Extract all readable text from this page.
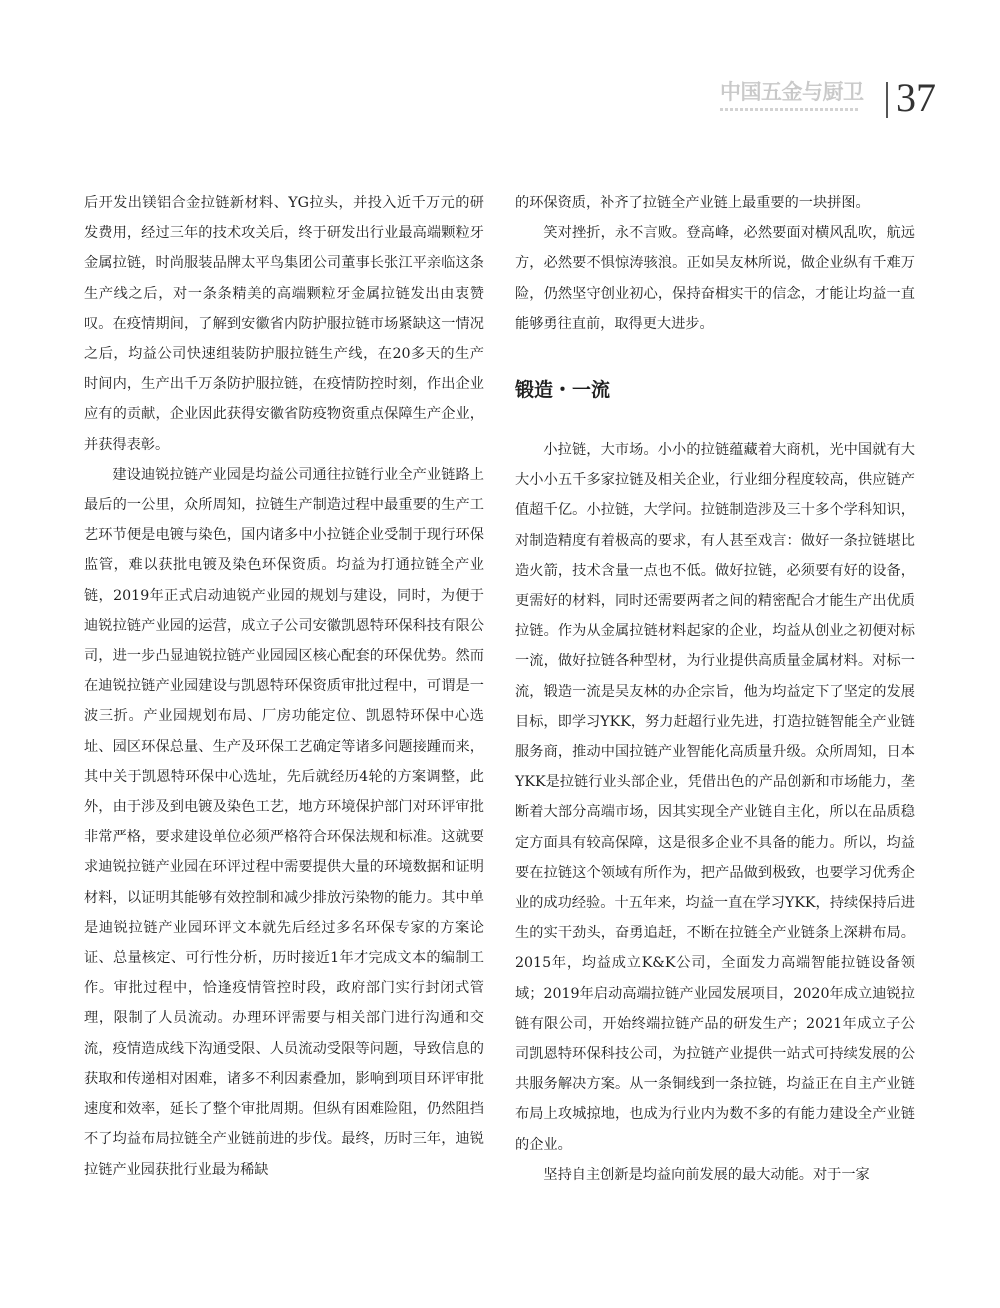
中国五金与厨卫 37

后开发出镁铝合金拉链新材料、YG拉头，并投入近千万元的研发费用，经过三年的技术攻关后，终于研发出行业最高端颗粒牙金属拉链，时尚服装品牌太平鸟集团公司董事长张江平亲临这条生产线之后，对一条条精美的高端颗粒牙金属拉链发出由衷赞叹。在疫情期间，了解到安徽省内防护服拉链市场紧缺这一情况之后，均益公司快速组装防护服拉链生产线，在20多天的生产时间内，生产出千万条防护服拉链，在疫情防控时刻，作出企业应有的贡献，企业因此获得安徽省防疫物资重点保障生产企业，并获得表彰。

建设迪锐拉链产业园是均益公司通往拉链行业全产业链路上最后的一公里，众所周知，拉链生产制造过程中最重要的生产工艺环节便是电镀与染色，国内诸多中小拉链企业受制于现行环保监管，难以获批电镀及染色环保资质。均益为打通拉链全产业链，2019年正式启动迪锐产业园的规划与建设，同时，为便于迪锐拉链产业园的运营，成立子公司安徽凯恩特环保科技有限公司，进一步凸显迪锐拉链产业园园区核心配套的环保优势。然而在迪锐拉链产业园建设与凯恩特环保资质审批过程中，可谓是一波三折。产业园规划布局、厂房功能定位、凯恩特环保中心选址、园区环保总量、生产及环保工艺确定等诸多问题接踵而来，其中关于凯恩特环保中心选址，先后就经历4轮的方案调整，此外，由于涉及到电镀及染色工艺，地方环境保护部门对环评审批非常严格，要求建设单位必须严格符合环保法规和标准。这就要求迪锐拉链产业园在环评过程中需要提供大量的环境数据和证明材料，以证明其能够有效控制和减少排放污染物的能力。其中单是迪锐拉链产业园环评文本就先后经过多名环保专家的方案论证、总量核定、可行性分析，历时接近1年才完成文本的编制工作。审批过程中，恰逢疫情管控时段，政府部门实行封闭式管理，限制了人员流动。办理环评需要与相关部门进行沟通和交流，疫情造成线下沟通受限、人员流动受限等问题，导致信息的获取和传递相对困难，诸多不利因素叠加，影响到项目环评审批速度和效率，延长了整个审批周期。但纵有困难险阻，仍然阻挡不了均益布局拉链全产业链前进的步伐。最终，历时三年，迪锐拉链产业园获批行业最为稀缺

的环保资质，补齐了拉链全产业链上最重要的一块拼图。

笑对挫折，永不言败。登高峰，必然要面对横风乱吹，航远方，必然要不惧惊涛骇浪。正如吴友林所说，做企业纵有千难万险，仍然坚守创业初心，保持奋楫实干的信念，才能让均益一直能够勇往直前，取得更大进步。

锻造・一流

小拉链，大市场。小小的拉链蕴藏着大商机，光中国就有大大小小五千多家拉链及相关企业，行业细分程度较高，供应链产值超千亿。小拉链，大学问。拉链制造涉及三十多个学科知识，对制造精度有着极高的要求，有人甚至戏言：做好一条拉链堪比造火箭，技术含量一点也不低。做好拉链，必须要有好的设备，更需好的材料，同时还需要两者之间的精密配合才能生产出优质拉链。作为从金属拉链材料起家的企业，均益从创业之初便对标一流，做好拉链各种型材，为行业提供高质量金属材料。对标一流，锻造一流是吴友林的办企宗旨，他为均益定下了坚定的发展目标，即学习YKK，努力赶超行业先进，打造拉链智能全产业链服务商，推动中国拉链产业智能化高质量升级。众所周知，日本YKK是拉链行业头部企业，凭借出色的产品创新和市场能力，垄断着大部分高端市场，因其实现全产业链自主化，所以在品质稳定方面具有较高保障，这是很多企业不具备的能力。所以，均益要在拉链这个领域有所作为，把产品做到极致，也要学习优秀企业的成功经验。十五年来，均益一直在学习YKK，持续保持后进生的实干劲头，奋勇追赶，不断在拉链全产业链条上深耕布局。2015年，均益成立K&K公司，全面发力高端智能拉链设备领域；2019年启动高端拉链产业园发展项目，2020年成立迪锐拉链有限公司，开始终端拉链产品的研发生产；2021年成立子公司凯恩特环保科技公司，为拉链产业提供一站式可持续发展的公共服务解决方案。从一条铜线到一条拉链，均益正在自主产业链布局上攻城掠地，也成为行业内为数不多的有能力建设全产业链的企业。

坚持自主创新是均益向前发展的最大动能。对于一家
